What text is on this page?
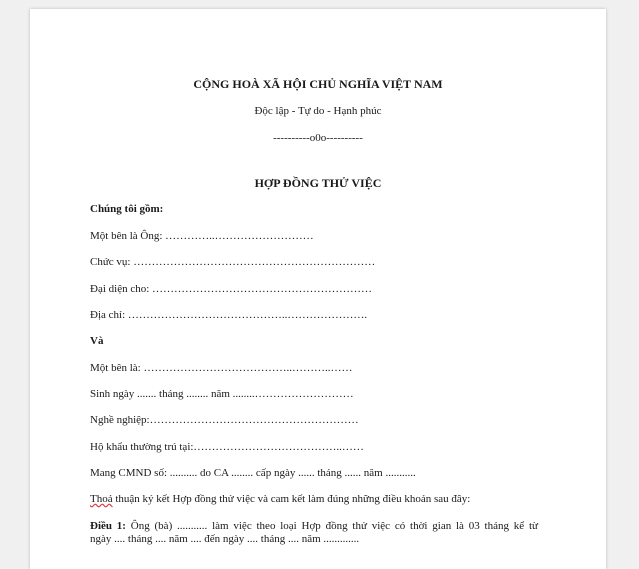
CỘNG HOÀ XÃ HỘI CHỦ NGHĨA VIỆT NAM
Độc lập - Tự do - Hạnh phúc
----------o0o----------
HỢP ĐỒNG THỬ VIỆC
Chúng tôi gồm:
Một bên là Ông: …………..………………………
Chức vụ: …………………………………………………………
Đại diện cho: ……………………………………………………
Địa chỉ: ……………………………………..………………….
Và
Một bên là: …………………………………..………..……
Sinh ngày ....... tháng ........ năm ........………………………
Nghề nghiệp:…………………………………………………
Hộ khẩu thường trú tại:…………………………………..……
Mang CMND số: .......... do CA ........ cấp ngày ...... tháng ...... năm ...........
Thoả thuận ký kết Hợp đồng thử việc và cam kết làm đúng những điều khoản sau đây:
Điều 1: Ông (bà) ........... làm việc theo loại Hợp đồng thử việc có thời gian là 03 tháng kể từ
ngày .... tháng .... năm .... đến ngày .... tháng .... năm .............
